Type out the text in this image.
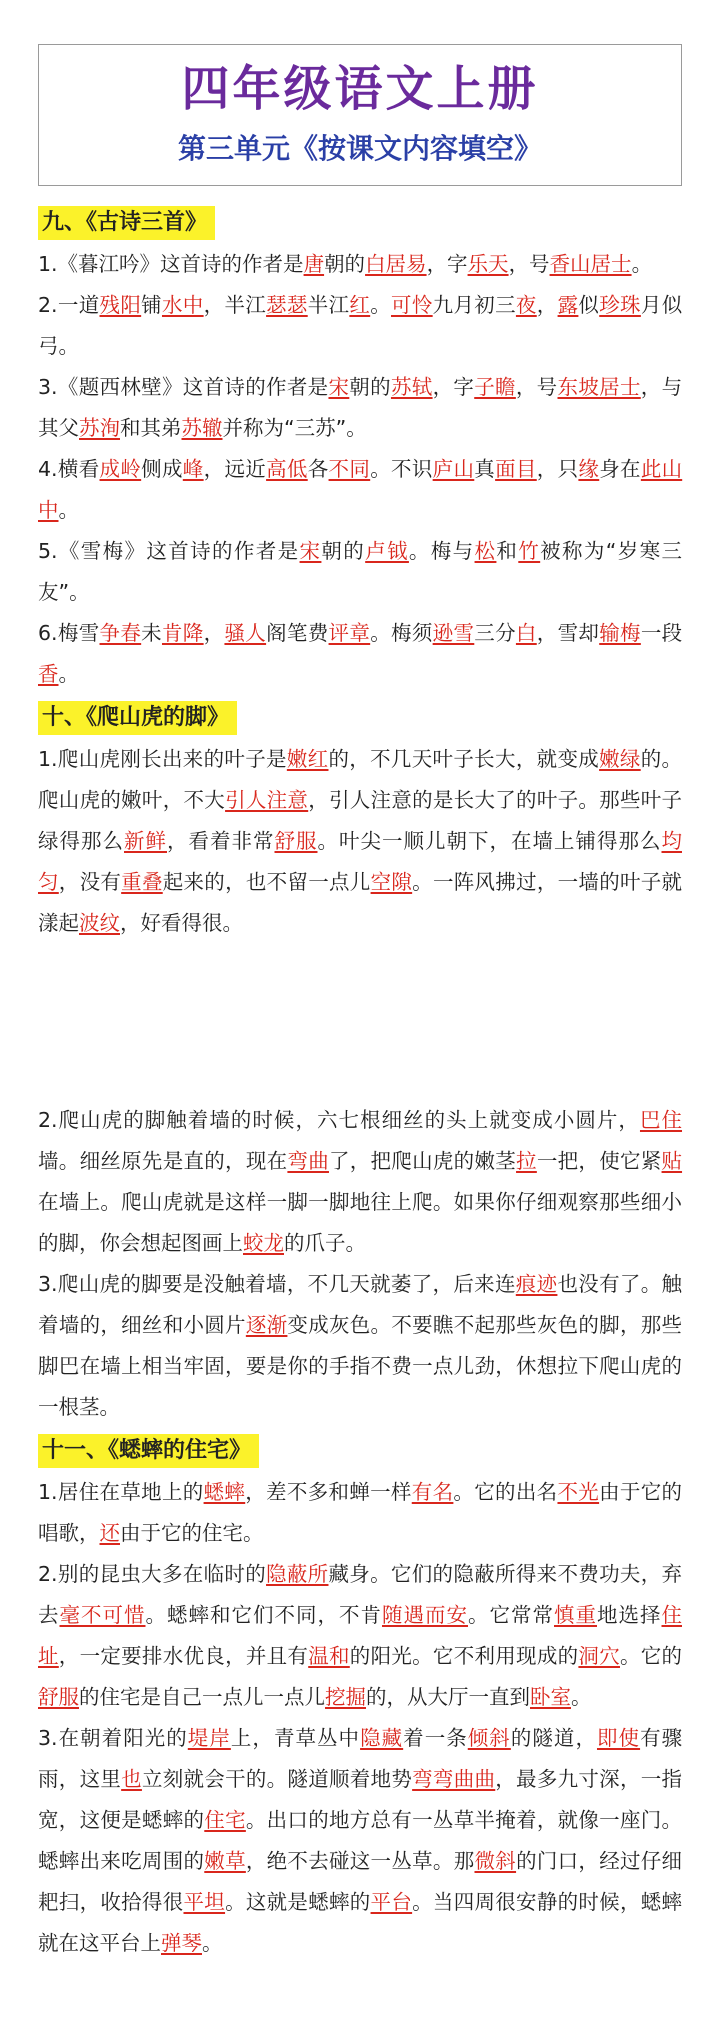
四年级语文上册
第三单元《按课文内容填空》
九、《古诗三首》

1.《暮江吟》这首诗的作者是唐朝的白居易，字乐天，号香山居士。

2.一道残阳铺水中，半江瑟瑟半江红。可怜九月初三夜，露似珍珠月似弓。

3.《题西林壁》这首诗的作者是宋朝的苏轼，字子瞻，号东坡居士，与其父苏洵和其弟苏辙并称为“三苏”。

4.横看成岭侧成峰，远近高低各不同。不识庐山真面目，只缘身在此山中。

5.《雪梅》这首诗的作者是宋朝的卢钺。梅与松和竹被称为“岁寒三友”。

6.梅雪争春未肯降，骚人阁笔费评章。梅须逊雪三分白，雪却输梅一段香。

十、《爬山虎的脚》

1.爬山虎刚长出来的叶子是嫩红的，不几天叶子长大，就变成嫩绿的。爬山虎的嫩叶，不大引人注意，引人注意的是长大了的叶子。那些叶子绿得那么新鲜，看着非常舒服。叶尖一顺儿朝下，在墙上铺得那么均匀，没有重叠起来的，也不留一点儿空隙。一阵风拂过，一墙的叶子就漾起波纹，好看得很。

2.爬山虎的脚触着墙的时候，六七根细丝的头上就变成小圆片，巴住墙。细丝原先是直的，现在弯曲了，把爬山虎的嫩茎拉一把，使它紧贴在墙上。爬山虎就是这样一脚一脚地往上爬。如果你仔细观察那些细小的脚，你会想起图画上蛟龙的爪子。

3.爬山虎的脚要是没触着墙，不几天就萎了，后来连痕迹也没有了。触着墙的，细丝和小圆片逐渐变成灰色。不要瞧不起那些灰色的脚，那些脚巴在墙上相当牢固，要是你的手指不费一点儿劲，休想拉下爬山虎的一根茎。

十一、《蟋蟀的住宅》

1.居住在草地上的蟋蟀，差不多和蝉一样有名。它的出名不光由于它的唱歌，还由于它的住宅。

2.别的昆虫大多在临时的隐蔽所藏身。它们的隐蔽所得来不费功夫，弃去毫不可惜。蟋蟀和它们不同，不肯随遇而安。它常常慎重地选择住址，一定要排水优良，并且有温和的阳光。它不利用现成的洞穴。它的舒服的住宅是自己一点儿一点儿挖掘的，从大厅一直到卧室。

3.在朝着阳光的堤岸上，青草丛中隐藏着一条倾斜的隧道，即使有骤雨，这里也立刻就会干的。隧道顺着地势弯弯曲曲，最多九寸深，一指宽，这便是蟋蟀的住宅。出口的地方总有一丛草半掩着，就像一座门。蟋蟀出来吃周围的嫩草，绝不去碰这一丛草。那微斜的门口，经过仔细耙扫，收拾得很平坦。这就是蟋蟀的平台。当四周很安静的时候，蟋蟀就在这平台上弹琴。
